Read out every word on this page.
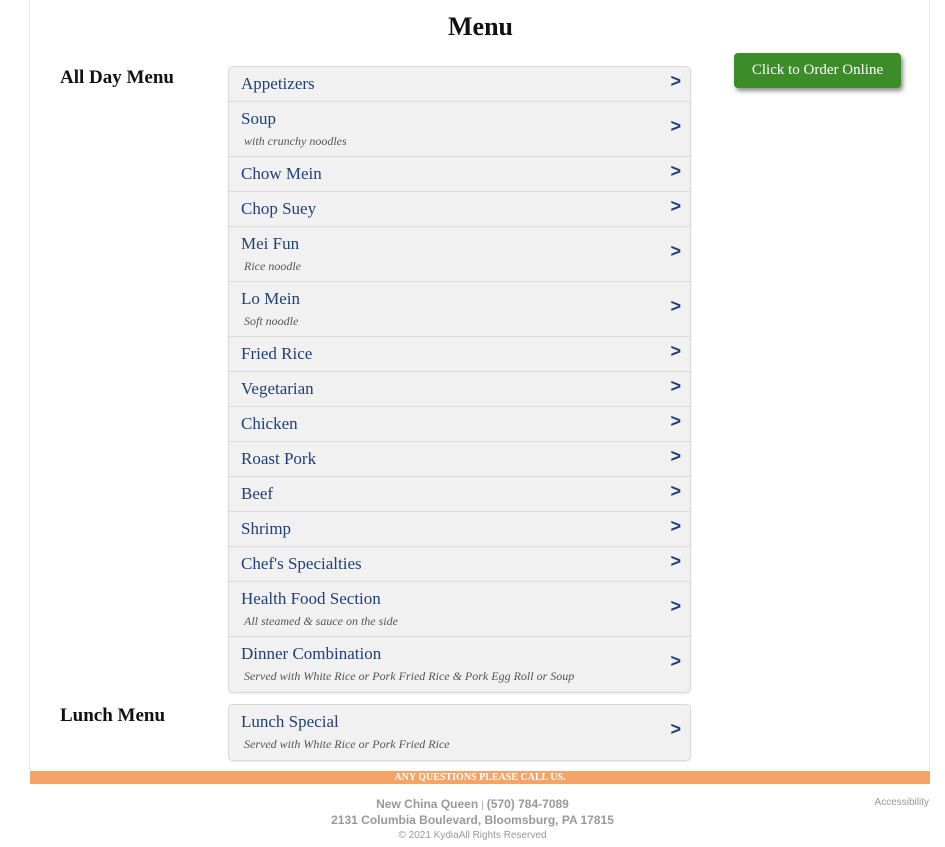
Menu
All Day Menu	Appetizers	>
Soup
with crunchy noodles
>
Chow Mein	>
Chop Suey	>
Mei Fun
Rice noodle
>
Lo Mein
Soft noodle
>
Fried Rice	>
Vegetarian	>
Chicken	>
Roast Pork	>
Beef	>
Shrimp	>
Chef's Specialties	>
Health Food Section
All steamed & sauce on the side
>
Dinner Combination
Served with White Rice or Pork Fried Rice & Pork Egg Roll or Soup
>
Lunch Menu	Lunch Special
Served with White Rice or Pork Fried Rice
>
Click to Order Online
ANY QUESTIONS PLEASE CALL US.
New China Queen | (570) 784-7089
2131 Columbia Boulevard, Bloomsburg, PA 17815
© 2021 KydiaAll Rights Reserved
Accessibility
